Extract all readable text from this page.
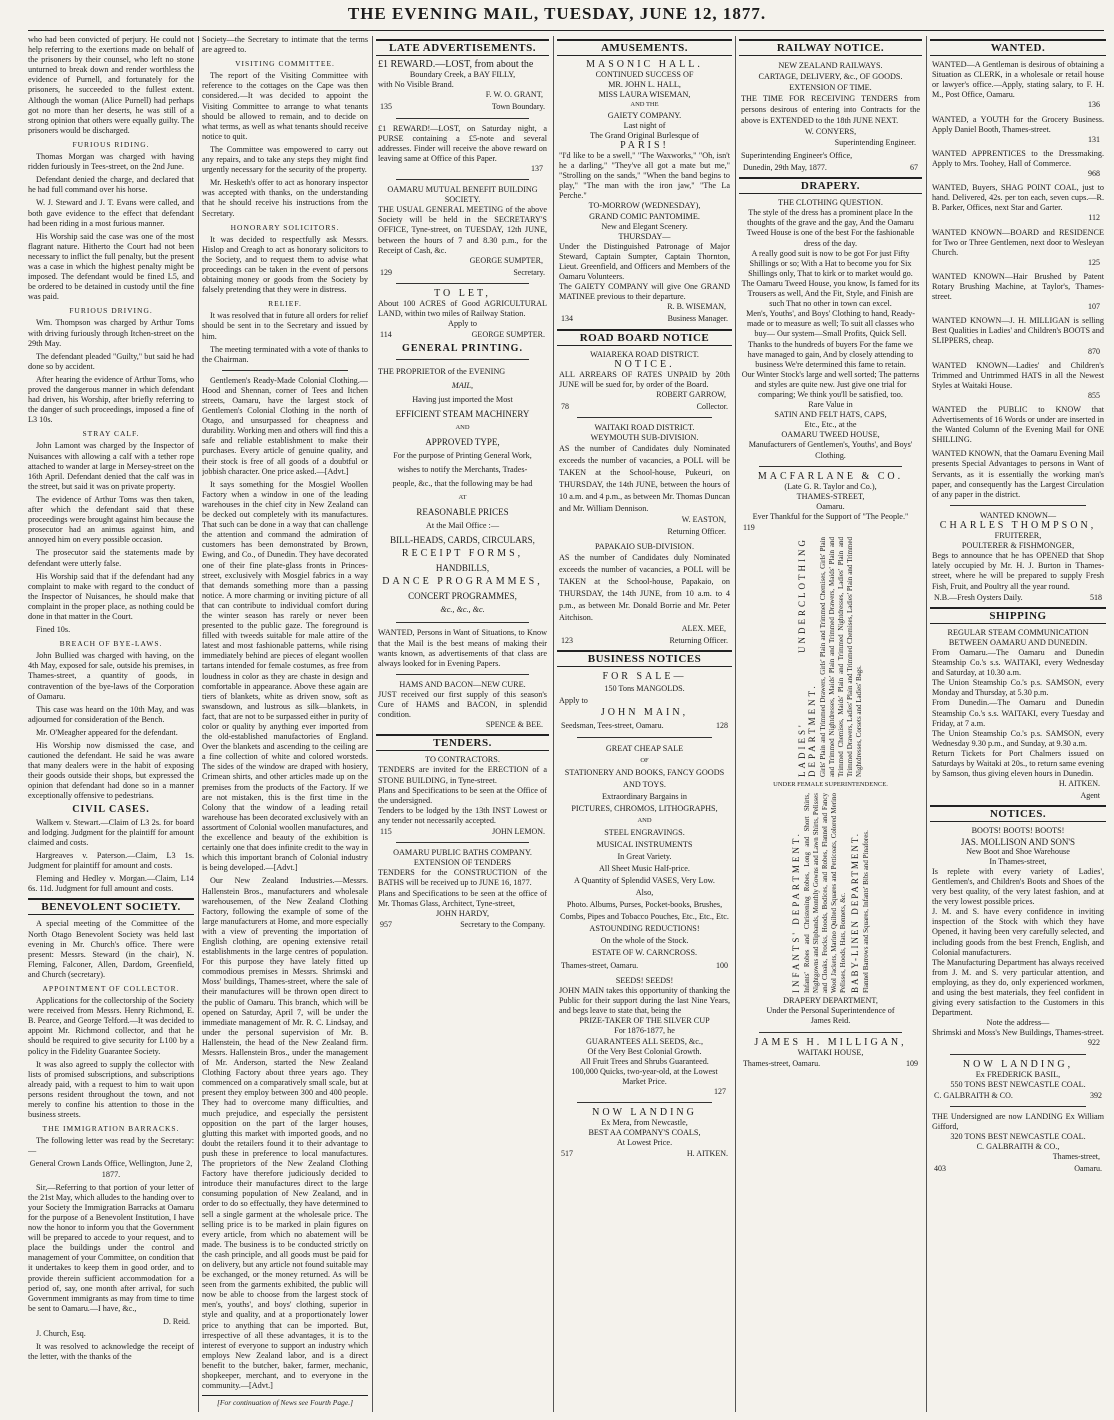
THE EVENING MAIL, TUESDAY, JUNE 12, 1877.

who had been convicted of perjury. He could not help referring to the exertions made on behalf of the prisoners by their counsel, who left no stone unturned to break down and render worthless the evidence of Purnell, and fortunately for the prisoners, he succeeded to the fullest extent. Although the woman (Alice Purnell) had perhaps got no more than her deserts, he was still of a strong opinion that others were equally guilty. The prisoners would be discharged.

FURIOUS RIDING.

Thomas Morgan was charged with having ridden furiously in Tees-street, on the 2nd June.

Defendant denied the charge, and declared that he had full command over his horse.

W. J. Steward and J. T. Evans were called, and both gave evidence to the effect that defendant had been riding in a most furious manner.

His Worship said the case was one of the most flagrant nature. Hitherto the Court had not been necessary to inflict the full penalty, but the present was a case in which the highest penalty might be imposed. The defendant would be fined L5, and be ordered to be detained in custody until the fine was paid.

FURIOUS DRIVING.

Wm. Thompson was charged by Arthur Toms with driving furiously through Itchen-street on the 29th May.

The defendant pleaded "Guilty," but said he had done so by accident.

After hearing the evidence of Arthur Toms, who proved the dangerous manner in which defendant had driven, his Worship, after briefly referring to the danger of such proceedings, imposed a fine of L3 10s.

STRAY CALF.

John Lamont was charged by the Inspector of Nuisances with allowing a calf with a tether rope attached to wander at large in Mersey-street on the 16th April. Defendant denied that the calf was in the street, but said it was on private property.

The evidence of Arthur Toms was then taken, after which the defendant said that these proceedings were brought against him because the prosecutor had an animus against him, and annoyed him on every possible occasion.

The prosecutor said the statements made by defendant were utterly false.

His Worship said that if the defendant had any complaint to make with regard to the conduct of the Inspector of Nuisances, he should make that complaint in the proper place, as nothing could be done in that matter in the Court.

Fined 10s.

BREACH OF BYE-LAWS.

John Bullied was charged with having, on the 4th May, exposed for sale, outside his premises, in Thames-street, a quantity of goods, in contravention of the bye-laws of the Corporation of Oamaru.

This case was heard on the 10th May, and was adjourned for consideration of the Bench.

Mr. O'Meagher appeared for the defendant.

His Worship now dismissed the case, and cautioned the defendant. He said he was aware that many dealers were in the habit of exposing their goods outside their shops, but expressed the opinion that defendant had done so in a manner exceptionally offensive to pedestrians.

CIVIL CASES.

Walkem v. Stewart.—Claim of L3 2s. for board and lodging. Judgment for the plaintiff for amount claimed and costs.

Hargreaves v. Paterson.—Claim, L3 1s. Judgment for plaintiff for amount and costs.

Fleming and Hedley v. Morgan.—Claim, L14 6s. 11d. Judgment for full amount and costs.

BENEVOLENT SOCIETY.

A special meeting of the Committee of the North Otago Benevolent Society was held last evening in Mr. Church's office. There were present: Messrs. Steward (in the chair), N. Fleming, Falconer, Allen, Dardom, Greenfield, and Church (secretary).

APPOINTMENT OF COLLECTOR.

Applications for the collectorship of the Society were received from Messrs. Henry Richmond, E. B. Pearce, and George Telford.—It was decided to appoint Mr. Richmond collector, and that he should be required to give security for L100 by a policy in the Fidelity Guarantee Society.

It was also agreed to supply the collector with lists of promised subscriptions, and subscriptions already paid, with a request to him to wait upon persons resident throughout the town, and not merely to confine his attention to those in the business streets.

THE IMMIGRATION BARRACKS.

The following letter was read by the Secretary:—

General Crown Lands Office, Wellington, June 2, 1877.

Sir,—Referring to that portion of your letter of the 21st May, which alludes to the handing over to your Society the Immigration Barracks at Oamaru for the purpose of a Benevolent Institution, I have now the honor to inform you that the Government will be prepared to accede to your request, and to place the buildings under the control and management of your Committee, on condition that it undertakes to keep them in good order, and to provide therein sufficient accommodation for a period of, say, one month after arrival, for such Government immigrants as may from time to time be sent to Oamaru.—I have, &c.,

D. Reid.

J. Church, Esq.

It was resolved to acknowledge the receipt of the letter, with the thanks of the

Society—the Secretary to intimate that the terms are agreed to.

VISITING COMMITTEE.

The report of the Visiting Committee with reference to the cottages on the Cape was then considered.—It was decided to appoint the Visiting Committee to arrange to what tenants should be allowed to remain, and to decide on what terms, as well as what tenants should receive notice to quit.

The Committee was empowered to carry out any repairs, and to take any steps they might find urgently necessary for the security of the property.

Mr. Hesketh's offer to act as honorary inspector was accepted with thanks, on the understanding that he should receive his instructions from the Secretary.

HONORARY SOLICITORS.

It was decided to respectfully ask Messrs. Hislop and Creagh to act as honorary solicitors to the Society, and to request them to advise what proceedings can be taken in the event of persons obtaining money or goods from the Society by falsely pretending that they were in distress.

RELIEF.

It was resolved that in future all orders for relief should be sent in to the Secretary and issued by him.

The meeting terminated with a vote of thanks to the Chairman.

Gentlemen's Ready-Made Colonial Clothing.—Hood and Shennan, corner of Tees and Itchen streets, Oamaru, have the largest stock of Gentlemen's Colonial Clothing in the north of Otago, and unsurpassed for cheapness and durability. Working men and others will find this a safe and reliable establishment to make their purchases. Every article of genuine quality, and their stock is free of all goods of a doubtful or jobbish character. One price asked.—[Advt.]

It says something for the Mosgiel Woollen Factory when a window in one of the leading warehouses in the chief city in New Zealand can be decked out completely with its manufactures. That such can be done in a way that can challenge the attention and command the admiration of customers has been demonstrated by Brown, Ewing, and Co., of Dunedin. They have decorated one of their fine plate-glass fronts in Princes-street, exclusively with Mosgiel fabrics in a way that demands something more than a passing notice. A more charming or inviting picture of all that can contribute to individual comfort during the winter season has rarely or never been presented to the public gaze. The foreground is filled with tweeds suitable for male attire of the latest and most fashionable patterns, while rising immediately behind are pieces of elegant woollen tartans intended for female costumes, as free from loudness in color as they are chaste in design and comfortable in appearance. Above these again are tiers of blankets, white as driven snow, soft as swansdown, and lustrous as silk—blankets, in fact, that are not to be surpassed either in purity of color or quality by anything ever imported from the old-established manufactories of England. Over the blankets and ascending to the ceiling are a fine collection of white and colored worsteds. The sides of the window are draped with hosiery, Crimean shirts, and other articles made up on the premises from the products of the Factory. If we are not mistaken, this is the first time in the Colony that the window of a leading retail warehouse has been decorated exclusively with an assortment of Colonial woollen manufactures, and the excellence and beauty of the exhibition is certainly one that does infinite credit to the way in which this important branch of Colonial industry is being developed.—[Advt.]

Our New Zealand Industries.—Messrs. Hallenstein Bros., manufacturers and wholesale warehousemen, of the New Zealand Clothing Factory, following the example of some of the large manufacturers at Home, and more especially with a view of preventing the importation of English clothing, are opening extensive retail establishments in the large centres of population. For this purpose they have lately fitted up commodious premises in Messrs. Shrimski and Moss' buildings, Thames-street, where the sale of their manufactures will be thrown open direct to the public of Oamaru. This branch, which will be opened on Saturday, April 7, will be under the immediate management of Mr. R. C. Lindsay, and under the personal supervision of Mr. B. Hallenstein, the head of the New Zealand firm. Messrs. Hallenstein Bros., under the management of Mr. Anderson, started the New Zealand Clothing Factory about three years ago. They commenced on a comparatively small scale, but at present they employ between 300 and 400 people. They had to overcome many difficulties, and much prejudice, and especially the persistent opposition on the part of the larger houses, glutting this market with imported goods, and no doubt the retailers found it to their advantage to push these in preference to local manufactures. The proprietors of the New Zealand Clothing Factory have therefore judiciously decided to introduce their manufactures direct to the large consuming population of New Zealand, and in order to do so effectually, they have determined to sell a single garment at the wholesale price. The selling price is to be marked in plain figures on every article, from which no abatement will be made. The business is to be conducted strictly on the cash principle, and all goods must be paid for on delivery, but any article not found suitable may be exchanged, or the money returned. As will be seen from the garments exhibited, the public will now be able to choose from the largest stock of men's, youths', and boys' clothing, superior in style and quality, and at a proportionately lower price to anything that can be imported. But, irrespective of all these advantages, it is to the interest of everyone to support an industry which employs New Zealand labor, and is a direct benefit to the butcher, baker, farmer, mechanic, shopkeeper, merchant, and to everyone in the community.—[Advt.]

[For continuation of News see Fourth Page.]
LATE ADVERTISEMENTS.

£1 REWARD.—LOST, from about the

Boundary Creek, a BAY FILLY,

with No Visible Brand.

F. W. O. GRANT,
135	Town Boundary.

£1 REWARD!—LOST, on Saturday night, a PURSE containing a £5-note and several addresses. Finder will receive the above reward on leaving same at Office of this Paper.

137

OAMARU MUTUAL BENEFIT BUILDING SOCIETY.

THE USUAL GENERAL MEETING of the above Society will be held in the SECRETARY'S OFFICE, Tyne-street, on TUESDAY, 12th JUNE, between the hours of 7 and 8.30 p.m., for the Receipt of Cash, &c.

GEORGE SUMPTER,
129	Secretary.

TO LET,

About 100 ACRES of Good AGRICULTURAL LAND, within two miles of Railway Station.

Apply to

114	GEORGE SUMPTER.
GENERAL PRINTING.

THE PROPRIETOR of the EVENING

MAIL,

Having just imported the Most

EFFICIENT STEAM MACHINERY

AND

APPROVED TYPE,

For the purpose of Printing General Work,

wishes to notify the Merchants, Trades-

people, &c., that the following may be had

AT

REASONABLE PRICES

At the Mail Office :—

BILL-HEADS, CARDS, CIRCULARS,

RECEIPT FORMS,

HANDBILLS,

DANCE PROGRAMMES,

CONCERT PROGRAMMES,

&c., &c., &c.

WANTED, Persons in Want of Situations, to Know that the Mail is the best means of making their wants known, as advertisements of that class are always looked for in Evening Papers.

HAMS AND BACON—NEW CURE.

JUST received our first supply of this season's Cure of HAMS and BACON, in splendid condition.

SPENCE & BEE.
TENDERS.

TO CONTRACTORS.

TENDERS are invited for the ERECTION of a STONE BUILDING, in Tyne-street.

Plans and Specifications to be seen at the Office of the undersigned.

Tenders to be lodged by the 13th INST Lowest or any tender not necessarily accepted.

115	JOHN LEMON.

OAMARU PUBLIC BATHS COMPANY.

EXTENSION OF TENDERS

TENDERS for the CONSTRUCTION of the BATHS will be received up to JUNE 16, 1877.

Plans and Specifications to be seen at the office of Mr. Thomas Glass, Architect, Tyne-street,

JOHN HARDY,

957	Secretary to the Company.
AMUSEMENTS.

MASONIC HALL.

CONTINUED SUCCESS OF

MR. JOHN L. HALL,

MISS LAURA WISEMAN,

AND THE

GAIETY COMPANY.

Last night of

The Grand Original Burlesque of

PARIS!

"I'd like to be a swell," "The Waxworks," "Oh, isn't he a darling," "They've all got a mate but me," "Strolling on the sands," "When the band begins to play," "The man with the iron jaw," "The La Perche."

TO-MORROW (WEDNESDAY),

GRAND COMIC PANTOMIME.

New and Elegant Scenery.

THURSDAY—

Under the Distinguished Patronage of Major Steward, Captain Sumpter, Captain Thornton, Lieut. Greenfield, and Officers and Members of the Oamaru Volunteers.

The GAIETY COMPANY will give One GRAND MATINEE previous to their departure.

R. B. WISEMAN,
134	Business Manager.
ROAD BOARD NOTICE

WAIAREKA ROAD DISTRICT.

NOTICE.

ALL ARREARS OF RATES UNPAID by 20th JUNE will be sued for, by order of the Board.

ROBERT GARROW,
78	Collector.

WAITAKI ROAD DISTRICT.

WEYMOUTH SUB-DIVISION.

AS the number of Candidates duly Nominated exceeds the number of vacancies, a POLL will be TAKEN at the School-house, Pukeuri, on THURSDAY, the 14th JUNE, between the hours of 10 a.m. and 4 p.m., as between Mr. Thomas Duncan and Mr. William Dennison.

W. EASTON,
Returning Officer.

PAPAKAIO SUB-DIVISION.

AS the number of Candidates duly Nominated exceeds the number of vacancies, a POLL will be TAKEN at the School-house, Papakaio, on THURSDAY, the 14th JUNE, from 10 a.m. to 4 p.m., as between Mr. Donald Borrie and Mr. Peter Aitchison.

ALEX. MEE,
123	Returning Officer.
BUSINESS NOTICES

FOR SALE—

150 Tons MANGOLDS.

Apply to

JOHN MAIN,

Seedsman, Tees-street, Oamaru.	128

GREAT CHEAP SALE

OF

STATIONERY AND BOOKS, FANCY GOODS AND TOYS.

Extraordinary Bargains in

PICTURES, CHROMOS, LITHOGRAPHS,

AND

STEEL ENGRAVINGS.

MUSICAL INSTRUMENTS

In Great Variety.

All Sheet Music Half-price.

A Quantity of Splendid VASES, Very Low.

Also,

Photo. Albums, Purses, Pocket-books, Brushes, Combs, Pipes and Tobacco Pouches, Etc., Etc., Etc.

ASTOUNDING REDUCTIONS!

On the whole of the Stock.

ESTATE OF W. CARNCROSS.

Thames-street, Oamaru.	100

SEEDS! SEEDS!

JOHN MAIN takes this opportunity of thanking the Public for their support during the last Nine Years, and begs leave to state that, being the

PRIZE-TAKER OF THE SILVER CUP

For 1876-1877, he

GUARANTEES ALL SEEDS, &c.,

Of the Very Best Colonial Growth.

All Fruit Trees and Shrubs Guaranteed.

100,000 Quicks, two-year-old, at the Lowest Market Price.

127

NOW LANDING

Ex Mera, from Newcastle,

BEST AA COMPANY'S COALS,

At Lowest Price.

517	H. AITKEN.
RAILWAY NOTICE.

NEW ZEALAND RAILWAYS.

CARTAGE, DELIVERY, &c., OF GOODS.

EXTENSION OF TIME.

THE TIME FOR RECEIVING TENDERS from persons desirous of entering into Contracts for the above is EXTENDED to the 18th JUNE NEXT.

W. CONYERS,

Superintending Engineer.

Superintending Engineer's Office,

Dunedin, 29th May, 1877.	67
DRAPERY.

THE CLOTHING QUESTION.

The style of the dress has a prominent place In the thoughts of the grave and the gay, And the Oamaru Tweed House is one of the best For the fashionable dress of the day.

A really good suit is now to be got For just Fifty Shillings or so; With a Hat to become you for Six Shillings only, That to kirk or to market would go.

The Oamaru Tweed House, you know, Is famed for its Trousers as well, And the Fit, Style, and Finish are such That no other in town can excel.

Men's, Youths', and Boys' Clothing to hand, Ready-made or to measure as well; To suit all classes who buy— Our system—Small Profits, Quick Sell.

Thanks to the hundreds of buyers For the fame we have managed to gain, And by closely attending to business We're determined this fame to retain.

Our Winter Stock's large and well sorted; The patterns and styles are quite new. Just give one trial for comparing; We think you'll be satisfied, too.

Rare Value in

SATIN AND FELT HATS, CAPS,

Etc., Etc., at the

OAMARU TWEED HOUSE,

Manufacturers of Gentlemen's, Youths', and Boys' Clothing.

MACFARLANE & CO.

(Late G. R. Taylor and Co.),

THAMES-STREET,

Oamaru.

Ever Thankful for the Support of "The People."

119
LADIES' UNDERCLOTHING DEPARTMENT. Girls' Plain and Trimmed Drawers, Girls' Plain and Trimmed Chemises, Girls' Plain and Trimmed Nightdresses, Maids' Plain and Trimmed Drawers, Maids' Plain and Trimmed Chemises, Maids' Plain and Trimmed Nightdresses, Ladies' Plain and Trimmed Drawers, Ladies' Plain and Trimmed Chemises, Ladies' Plain and Trimmed Nightdresses, Corsets and Ladies' Bags.

UNDER FEMALE SUPERINTENDENCE.

INFANTS' DEPARTMENT. Infants' Robes and Christening Robes, Long and Short Shirts, Nightgowns and Slipbands, Monthly Gowns and Lawn Shirts, Pelisses and Cloaks, Frocks, Hoods, Bodices, and Robes, Flannel and Fancy Wool Jackets, Marino Quilted Squares and Petticoats, Colored Merino Pelisses, Hoods, Hats, Bonnets, &c. BABY-LINEN DEPARTMENT. Flannel Barrows and Squares, Infants' Bibs and Pinafores.

DRAPERY DEPARTMENT,

Under the Personal Superintendence of

James Reid.

JAMES H. MILLIGAN,

WAITAKI HOUSE,

Thames-street, Oamaru.	109
WANTED.

WANTED—A Gentleman is desirous of obtaining a Situation as CLERK, in a wholesale or retail house or lawyer's office.—Apply, stating salary, to F. H. M., Post Office, Oamaru.

136

WANTED, a YOUTH for the Grocery Business. Apply Daniel Booth, Thames-street.

131

WANTED APPRENTICES to the Dressmaking. Apply to Mrs. Toohey, Hall of Commerce.

968

WANTED, Buyers, SHAG POINT COAL, just to hand. Delivered, 42s. per ton each, seven cups.—R. B. Parker, Offices, next Star and Garter.

112

WANTED KNOWN—BOARD and RESIDENCE for Two or Three Gentlemen, next door to Wesleyan Church.

125

WANTED KNOWN—Hair Brushed by Patent Rotary Brushing Machine, at Taylor's, Thames-street.

107

WANTED KNOWN—J. H. MILLIGAN is selling Best Qualities in Ladies' and Children's BOOTS and SLIPPERS, cheap.

870

WANTED KNOWN—Ladies' and Children's Trimmed and Untrimmed HATS in all the Newest Styles at Waitaki House.

855

WANTED the PUBLIC to KNOW that Advertisements of 16 Words or under are inserted in the Wanted Column of the Evening Mail for ONE SHILLING.

WANTED KNOWN, that the Oamaru Evening Mail presents Special Advantages to persons in Want of Servants, as it is essentially the working man's paper, and consequently has the Largest Circulation of any paper in the district.

WANTED KNOWN—

CHARLES THOMPSON,

FRUITERER,

POULTERER & FISHMONGER,

Begs to announce that he has OPENED that Shop lately occupied by Mr. H. J. Burton in Thames-street, where he will be prepared to supply Fresh Fish, Fruit, and Poultry all the year round.

N.B.—Fresh Oysters Daily.	518
SHIPPING

REGULAR STEAM COMMUNICATION BETWEEN OAMARU AND DUNEDIN.

From Oamaru.—The Oamaru and Dunedin Steamship Co.'s s.s. WAITAKI, every Wednesday and Saturday, at 10.30 a.m.

The Union Steamship Co.'s p.s. SAMSON, every Monday and Thursday, at 5.30 p.m.

From Dunedin.—The Oamaru and Dunedin Steamship Co.'s s.s. WAITAKI, every Tuesday and Friday, at 7 a.m.

The Union Steamship Co.'s p.s. SAMSON, every Wednesday 9.30 p.m., and Sunday, at 9.30 a.m.

Return Tickets for Port Chalmers issued on Saturdays by Waitaki at 20s., to return same evening by Samson, thus giving eleven hours in Dunedin.

H. AITKEN.
Agent
NOTICES.

BOOTS! BOOTS! BOOTS!

JAS. MOLLISON AND SON'S

New Boot and Shoe Warehouse

In Thames-street,

Is replete with every variety of Ladies', Gentlemen's, and Children's Boots and Shoes of the very best quality, of the very latest fashion, and at the very lowest possible prices.

J. M. and S. have every confidence in inviting inspection of the Stock with which they have Opened, it having been very carefully selected, and including goods from the best French, English, and Colonial manufacturers.

The Manufacturing Department has always received from J. M. and S. very particular attention, and employing, as they do, only experienced workmen, and using the best materials, they feel confident in giving every satisfaction to the Customers in this Department.

Note the address—

Shrimski and Moss's New Buildings, Thames-street.

922

NOW LANDING,

Ex FREDERICK BASIL,

550 TONS BEST NEWCASTLE COAL.

C. GALBRAITH & CO.	392

THE Undersigned are now LANDING Ex William Gifford,

320 TONS BEST NEWCASTLE COAL.

C. GALBRAITH & CO.,

Thames-street,
403	Oamaru.
